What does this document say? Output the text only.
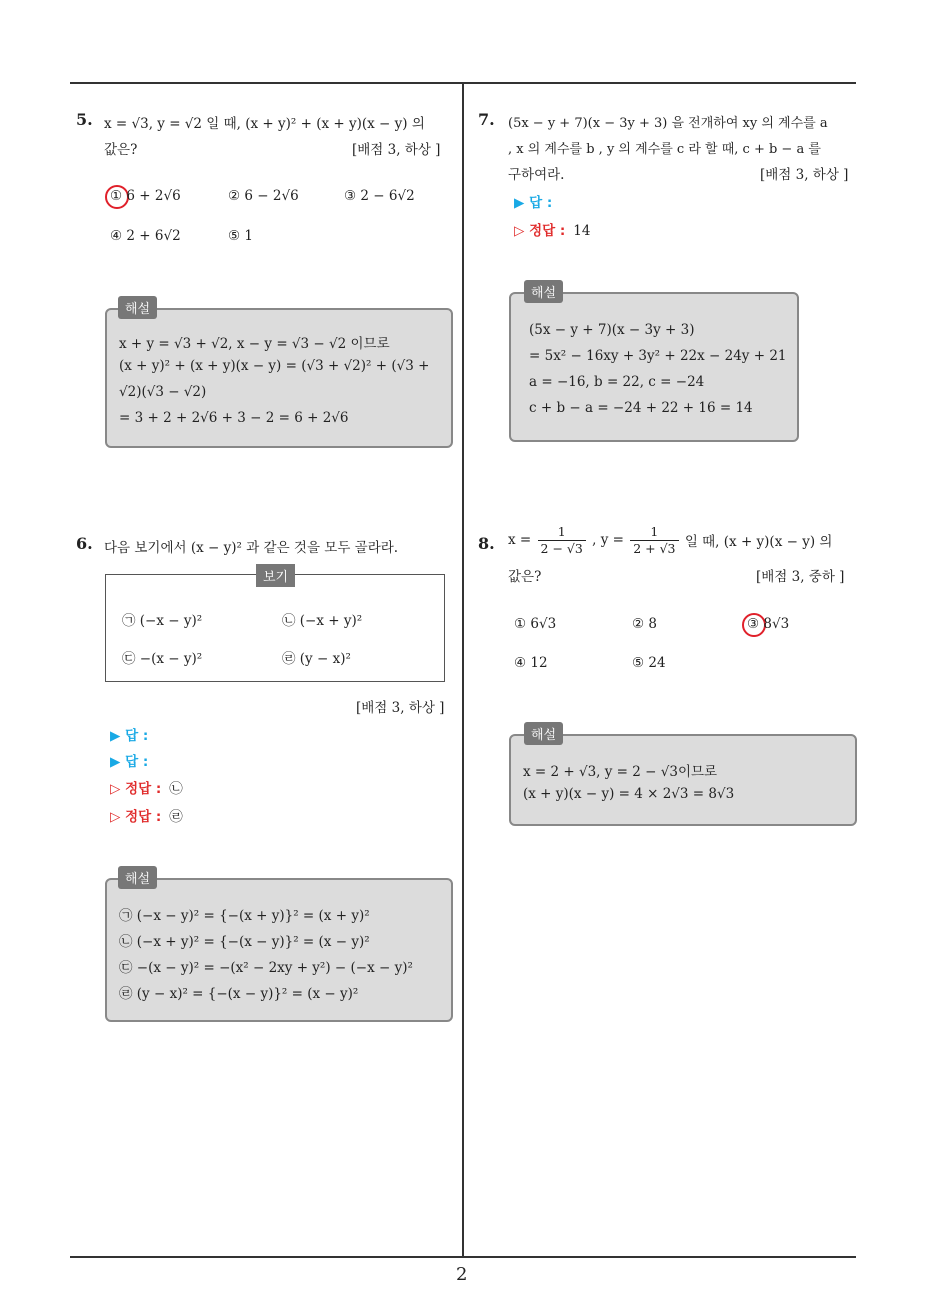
2
5. x = √3, y = √2 일 때, (x + y)² + (x + y)(x − y) 의
값은?	[배점 3, 하상 ]
① 6 + 2√6	② 6 − 2√6	③ 2 − 6√2
④ 2 + 6√2	⑤ 1
x + y = √3 + √2, x − y = √3 − √2 이므로
(x + y)² + (x + y)(x − y) = (√3 + √2)² + (√3 +
√2)(√3 − √2)
= 3 + 2 + 2√6 + 3 − 2 = 6 + 2√6
해설
6. 다음 보기에서 (x − y)² 과 같은 것을 모두 골라라.
㉠ (−x − y)²	㉡ (−x + y)²
㉢ −(x − y)²	㉣ (y − x)²
보기
[배점 3, 하상 ]
▶ 답 :
▶ 답 :
▷ 정답 : ㉡
▷ 정답 : ㉣
㉠ (−x − y)² = {−(x + y)}² = (x + y)²
㉡ (−x + y)² = {−(x − y)}² = (x − y)²
㉢ −(x − y)² = −(x² − 2xy + y²) − (−x − y)²
㉣ (y − x)² = {−(x − y)}² = (x − y)²
해설
7. (5x − y + 7)(x − 3y + 3) 을 전개하여 xy 의 계수를 a
, x 의 계수를 b , y 의 계수를 c 라 할 때, c + b − a 를
구하여라.	[배점 3, 하상 ]
▶ 답 :
▷ 정답 : 14
(5x − y + 7)(x − 3y + 3)
= 5x² − 16xy + 3y² + 22x − 24y + 21
a = −16, b = 22, c = −24
c + b − a = −24 + 22 + 16 = 14
해설
8. $x = \frac{1}{2 - √3}$ , $y = \frac{1}{2 + √3}$ 일 때, (x + y)(x − y) 의
값은?	[배점 3, 중하 ]
① 6√3	② 8	③ 8√3
④ 12	⑤ 24
x = 2 + √3, y = 2 − √3이므로
(x + y)(x − y) = 4 × 2√3 = 8√3
해설
